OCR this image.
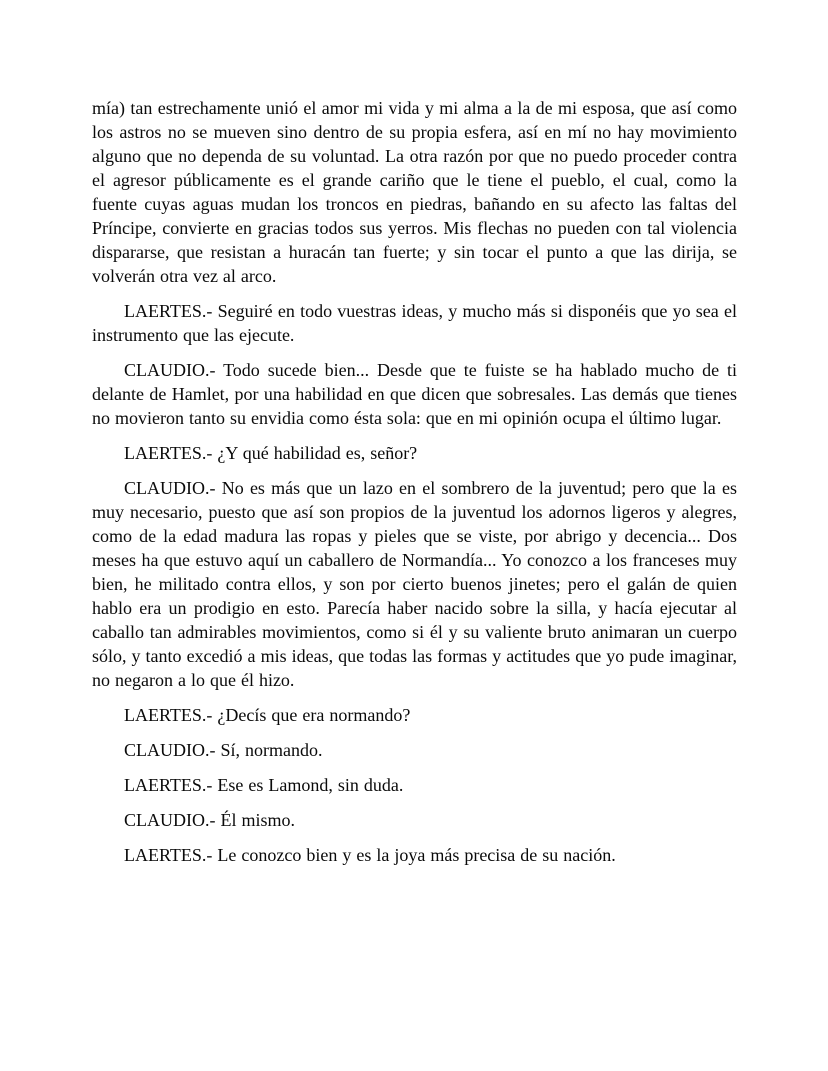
mía) tan estrechamente unió el amor mi vida y mi alma a la de mi esposa, que así como los astros no se mueven sino dentro de su propia esfera, así en mí no hay movimiento alguno que no dependa de su voluntad. La otra razón por que no puedo proceder contra el agresor públicamente es el grande cariño que le tiene el pueblo, el cual, como la fuente cuyas aguas mudan los troncos en piedras, bañando en su afecto las faltas del Príncipe, convierte en gracias todos sus yerros. Mis flechas no pueden con tal violencia dispararse, que resistan a huracán tan fuerte; y sin tocar el punto a que las dirija, se volverán otra vez al arco.

LAERTES.- Seguiré en todo vuestras ideas, y mucho más si disponéis que yo sea el instrumento que las ejecute.

CLAUDIO.- Todo sucede bien... Desde que te fuiste se ha hablado mucho de ti delante de Hamlet, por una habilidad en que dicen que sobresales. Las demás que tienes no movieron tanto su envidia como ésta sola: que en mi opinión ocupa el último lugar.

LAERTES.- ¿Y qué habilidad es, señor?

CLAUDIO.- No es más que un lazo en el sombrero de la juventud; pero que la es muy necesario, puesto que así son propios de la juventud los adornos ligeros y alegres, como de la edad madura las ropas y pieles que se viste, por abrigo y decencia... Dos meses ha que estuvo aquí un caballero de Normandía... Yo conozco a los franceses muy bien, he militado contra ellos, y son por cierto buenos jinetes; pero el galán de quien hablo era un prodigio en esto. Parecía haber nacido sobre la silla, y hacía ejecutar al caballo tan admirables movimientos, como si él y su valiente bruto animaran un cuerpo sólo, y tanto excedió a mis ideas, que todas las formas y actitudes que yo pude imaginar, no negaron a lo que él hizo.

LAERTES.- ¿Decís que era normando?

CLAUDIO.- Sí, normando.

LAERTES.- Ese es Lamond, sin duda.

CLAUDIO.- Él mismo.

LAERTES.- Le conozco bien y es la joya más precisa de su nación.
